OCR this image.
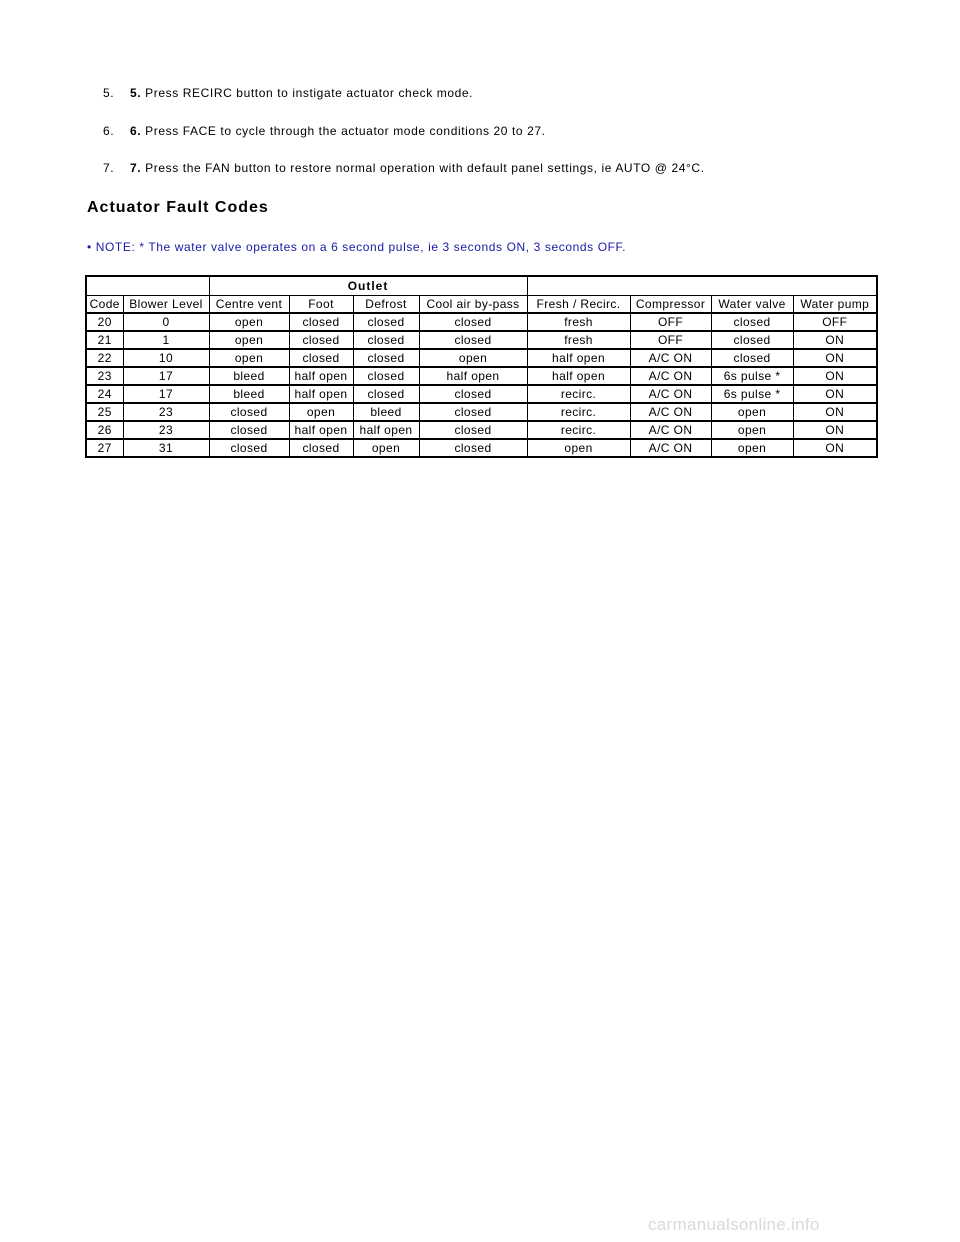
5. 5. Press RECIRC button to instigate actuator check mode.
6. 6. Press FACE to cycle through the actuator mode conditions 20 to 27.
7. 7. Press the FAN button to restore normal operation with default panel settings, ie AUTO @ 24°C.
Actuator Fault Codes
• NOTE: * The water valve operates on a 6 second pulse, ie 3 seconds ON, 3 seconds OFF.
		Outlet							
Code	Blower Level	Centre vent	Foot	Defrost	Cool air by-pass	Fresh / Recirc.	Compressor	Water valve	Water pump
20	0	open	closed	closed	closed	fresh	OFF	closed	OFF
21	1	open	closed	closed	closed	fresh	OFF	closed	ON
22	10	open	closed	closed	open	half open	A/C ON	closed	ON
23	17	bleed	half open	closed	half open	half open	A/C ON	6s pulse *	ON
24	17	bleed	half open	closed	closed	recirc.	A/C ON	6s pulse *	ON
25	23	closed	open	bleed	closed	recirc.	A/C ON	open	ON
26	23	closed	half open	half open	closed	recirc.	A/C ON	open	ON
27	31	closed	closed	open	closed	open	A/C ON	open	ON
carmanualsonline.info
